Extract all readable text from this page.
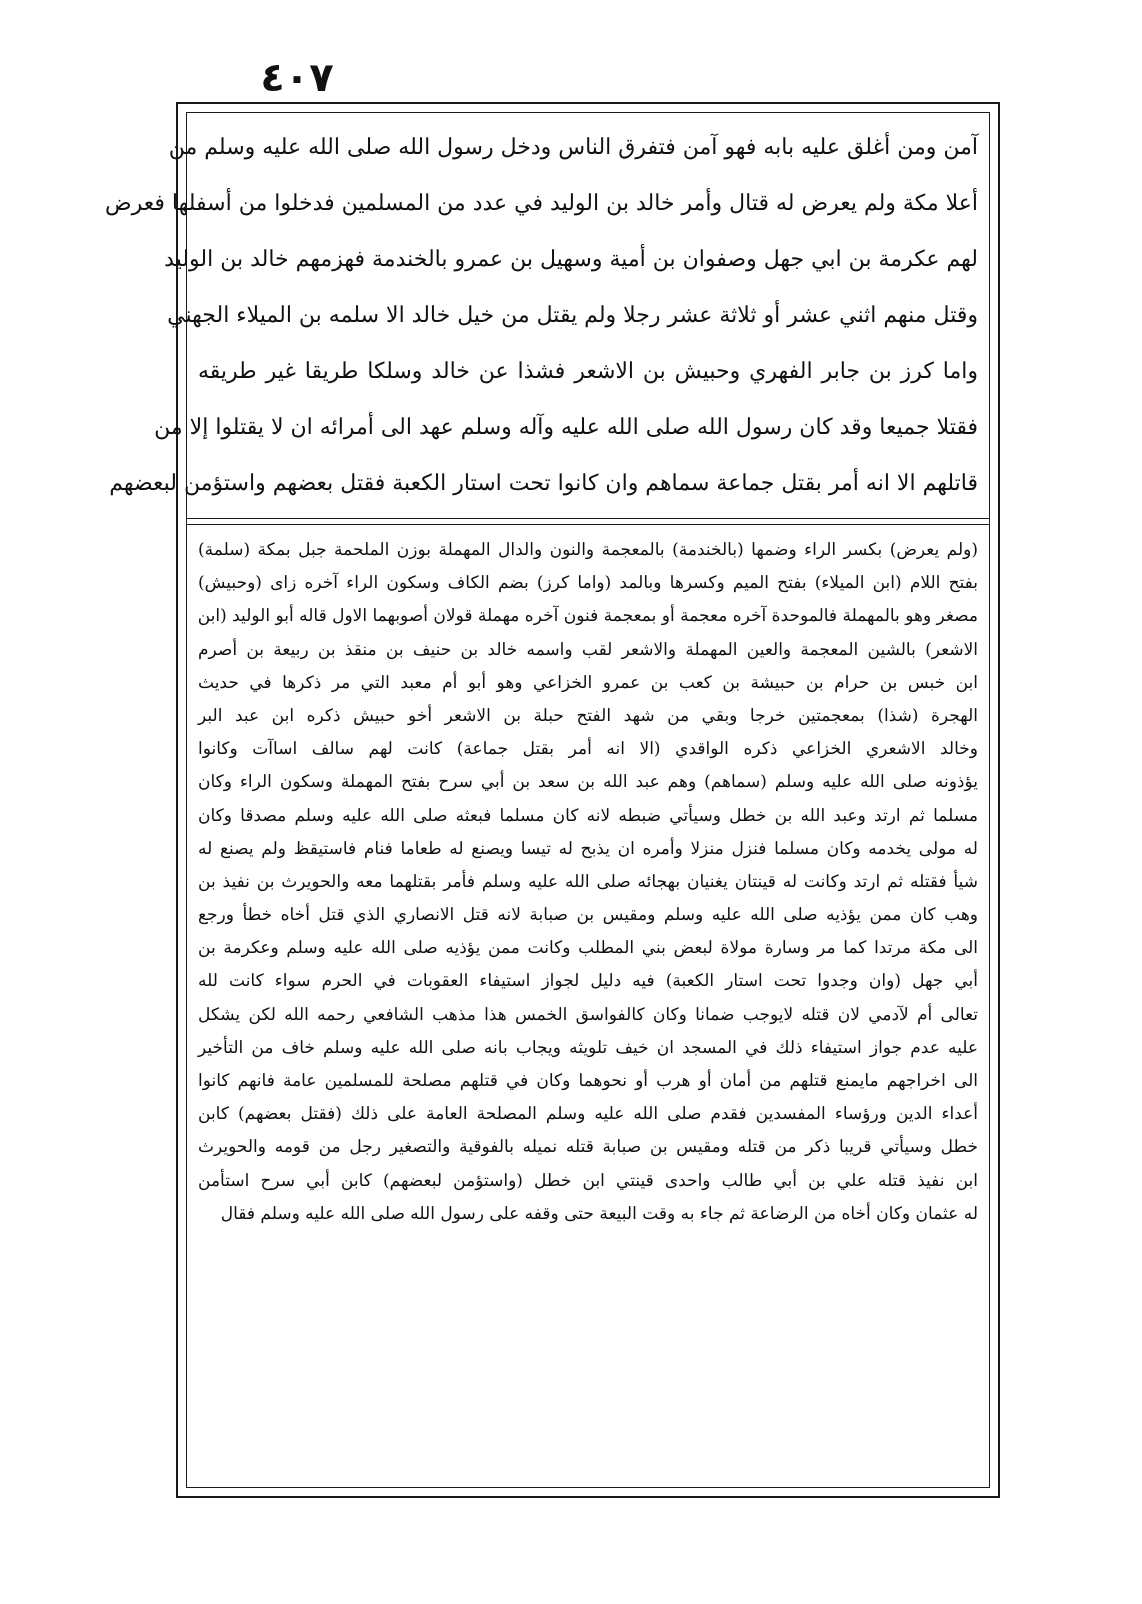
٤٠٧
آمن ومن أغلق عليه بابه فهو آمن فتفرق الناس ودخل رسول الله صلى الله عليه وسلم من
أعلا مكة ولم يعرض له قتال وأمر خالد بن الوليد في عدد من المسلمين فدخلوا من أسفلها فعرض
لهم عكرمة بن ابي جهل وصفوان بن أمية وسهيل بن عمرو بالخندمة فهزمهم خالد بن الوليد
وقتل منهم اثني عشر أو ثلاثة عشر رجلا ولم يقتل من خيل خالد الا سلمه بن الميلاء الجهني
واما كرز بن جابر الفهري وحبيش بن الاشعر فشذا عن خالد وسلكا طريقا غير طريقه
فقتلا جميعا وقد كان رسول الله صلى الله عليه وآله وسلم عهد الى أمرائه ان لا يقتلوا إلا من
قاتلهم الا انه أمر بقتل جماعة سماهم وان كانوا تحت استار الكعبة فقتل بعضهم واستؤمن لبعضهم
(ولم يعرض) بكسر الراء وضمها (بالخندمة) بالمعجمة والنون والدال المهملة بوزن الملحمة جبل بمكة (سلمة)
بفتح اللام (ابن الميلاء) بفتح الميم وكسرها وبالمد (واما كرز) بضم الكاف وسكون الراء آخره زاى (وحبيش)
مصغر وهو بالمهملة فالموحدة آخره معجمة أو بمعجمة فنون آخره مهملة قولان أصوبهما الاول قاله أبو الوليد (ابن
الاشعر) بالشين المعجمة والعين المهملة والاشعر لقب واسمه خالد بن حنيف بن منقذ بن ربيعة بن أصرم
ابن خبس بن حرام بن حبيشة بن كعب بن عمرو الخزاعي وهو أبو أم معبد التي مر ذكرها في حديث
الهجرة (شذا) بمعجمتين خرجا وبقي من شهد الفتح حبلة بن الاشعر أخو حبيش ذكره ابن عبد البر
وخالد الاشعري الخزاعي ذكره الواقدي (الا انه أمر بقتل جماعة) كانت لهم سالف اساآت وكانوا
يؤذونه صلى الله عليه وسلم (سماهم) وهم عبد الله بن سعد بن أبي سرح بفتح المهملة وسكون الراء وكان
مسلما ثم ارتد وعبد الله بن خطل وسيأتي ضبطه لانه كان مسلما فبعثه صلى الله عليه وسلم مصدقا وكان
له مولى يخدمه وكان مسلما فنزل منزلا وأمره ان يذبح له تيسا ويصنع له طعاما فنام فاستيقظ ولم يصنع له
شيأ فقتله ثم ارتد وكانت له قينتان يغنيان بهجائه صلى الله عليه وسلم فأمر بقتلهما معه والحويرث بن نفيذ بن
وهب كان ممن يؤذيه صلى الله عليه وسلم ومقيس بن صبابة لانه قتل الانصاري الذي قتل أخاه خطأ ورجع
الى مكة مرتدا كما مر وسارة مولاة لبعض بني المطلب وكانت ممن يؤذيه صلى الله عليه وسلم وعكرمة بن
أبي جهل (وان وجدوا تحت استار الكعبة) فيه دليل لجواز استيفاء العقوبات في الحرم سواء كانت لله
تعالى أم لآدمي لان قتله لايوجب ضمانا وكان كالفواسق الخمس هذا مذهب الشافعي رحمه الله لكن يشكل
عليه عدم جواز استيفاء ذلك في المسجد ان خيف تلويثه ويجاب بانه صلى الله عليه وسلم خاف من التأخير
الى اخراجهم مايمنع قتلهم من أمان أو هرب أو نحوهما وكان في قتلهم مصلحة للمسلمين عامة فانهم كانوا
أعداء الدين ورؤساء المفسدين فقدم صلى الله عليه وسلم المصلحة العامة على ذلك (فقتل بعضهم) كابن
خطل وسيأتي قريبا ذكر من قتله ومقيس بن صبابة قتله نميله بالفوقية والتصغير رجل من قومه والحويرث
ابن نفيذ قتله علي بن أبي طالب واحدى قينتي ابن خطل (واستؤمن لبعضهم) كابن أبي سرح استأمن
له عثمان وكان أخاه من الرضاعة ثم جاء به وقت البيعة حتى وقفه على رسول الله صلى الله عليه وسلم فقال
